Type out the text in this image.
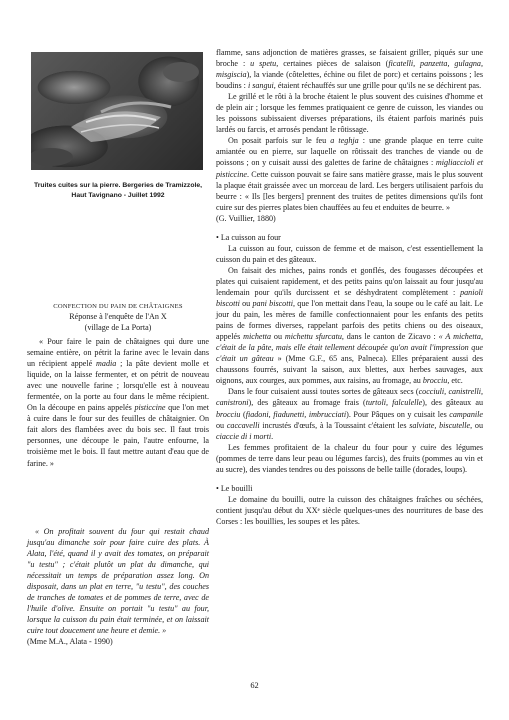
Truites cuites sur la pierre. Bergeries de Tramizzole,
Haut Tavignano - Juillet 1992
CONFECTION DU PAIN DE CHÂTAIGNES

Réponse à l'enquête de l'An X

(village de La Porta)

« Pour faire le pain de châtaignes qui dure une semaine entière, on pétrit la farine avec le levain dans un récipient appelé madia ; la pâte devient molle et liquide, on la laisse fermenter, et on pétrit de nouveau avec une nouvelle farine ; lorsqu'elle est à nouveau fermentée, on la porte au four dans le même récipient. On la découpe en pains appelés pisticcine que l'on met à cuire dans le four sur des feuilles de châtaignier. On fait alors des flambées avec du bois sec. Il faut trois personnes, une découpe le pain, l'autre enfourne, la troisième met le bois. Il faut mettre autant d'eau que de farine. »

« On profitait souvent du four qui restait chaud jusqu'au dimanche soir pour faire cuire des plats. À Alata, l'été, quand il y avait des tomates, on préparait "u testu" ; c'était plutôt un plat du dimanche, qui nécessitait un temps de préparation assez long. On disposait, dans un plat en terre, "u testu", des couches de tranches de tomates et de pommes de terre, avec de l'huile d'olive. Ensuite on portait "u testu" au four, lorsque la cuisson du pain était terminée, et on laissait cuire tout doucement une heure et demie. »

(Mme M.A., Alata - 1990)

flamme, sans adjonction de matières grasses, se faisaient griller, piqués sur une broche : u spetu, certaines pièces de salaison (ficatelli, panzetta, gulagna, misgiscia), la viande (côtelettes, échine ou filet de porc) et certains poissons ; les boudins : i sangui, étaient réchauffés sur une grille pour qu'ils ne se déchirent pas.

Le grillé et le rôti à la broche étaient le plus souvent des cuisines d'homme et de plein air ; lorsque les femmes pratiquaient ce genre de cuisson, les viandes ou les poissons subissaient diverses préparations, ils étaient parfois marinés puis lardés ou farcis, et arrosés pendant le rôtissage.

On posait parfois sur le feu a teghja : une grande plaque en terre cuite amiantée ou en pierre, sur laquelle on rôtissait des tranches de viande ou de poissons ; on y cuisait aussi des galettes de farine de châtaignes : migliaccioli et pisticcine. Cette cuisson pouvait se faire sans matière grasse, mais le plus souvent la plaque était graissée avec un morceau de lard. Les bergers utilisaient parfois du beurre : « Ils [les bergers] prennent des truites de petites dimensions qu'ils font cuire sur des pierres plates bien chauffées au feu et enduites de beurre. »

(G. Vuillier, 1880)

• La cuisson au four

La cuisson au four, cuisson de femme et de maison, c'est essentiellement la cuisson du pain et des gâteaux.

On faisait des miches, pains ronds et gonflés, des fougasses découpées et plates qui cuisaient rapidement, et des petits pains qu'on laissait au four jusqu'au lendemain pour qu'ils durcissent et se déshydratent complètement : panioli biscotti ou pani biscotti, que l'on mettait dans l'eau, la soupe ou le café au lait. Le jour du pain, les mères de famille confectionnaient pour les enfants des petits pains de formes diverses, rappelant parfois des petits chiens ou des oiseaux, appelés michetta ou michettu sfurcatu, dans le canton de Zicavo : « A michetta, c'était de la pâte, mais elle était tellement découpée qu'on avait l'impression que c'était un gâteau » (Mme G.F., 65 ans, Palneca). Elles préparaient aussi des chaussons fourrés, suivant la saison, aux blettes, aux herbes sauvages, aux oignons, aux courges, aux pommes, aux raisins, au fromage, au brocciu, etc.

Dans le four cuisaient aussi toutes sortes de gâteaux secs (cocciuli, canistrelli, canistroni), des gâteaux au fromage frais (turtoli, falculelle), des gâteaux au brocciu (fiadoni, fiadunetti, imbrucciati). Pour Pâques on y cuisait les campanile ou caccavelli incrustés d'œufs, à la Toussaint c'étaient les salviate, biscutelle, ou ciaccie di i morti.

Les femmes profitaient de la chaleur du four pour y cuire des légumes (pommes de terre dans leur peau ou légumes farcis), des fruits (pommes au vin et au sucre), des viandes tendres ou des poissons de belle taille (dorades, loups).

• Le bouilli

Le domaine du bouilli, outre la cuisson des châtaignes fraîches ou séchées, contient jusqu'au début du XXᵉ siècle quelques-unes des nourritures de base des Corses : les bouillies, les soupes et les pâtes.

62
